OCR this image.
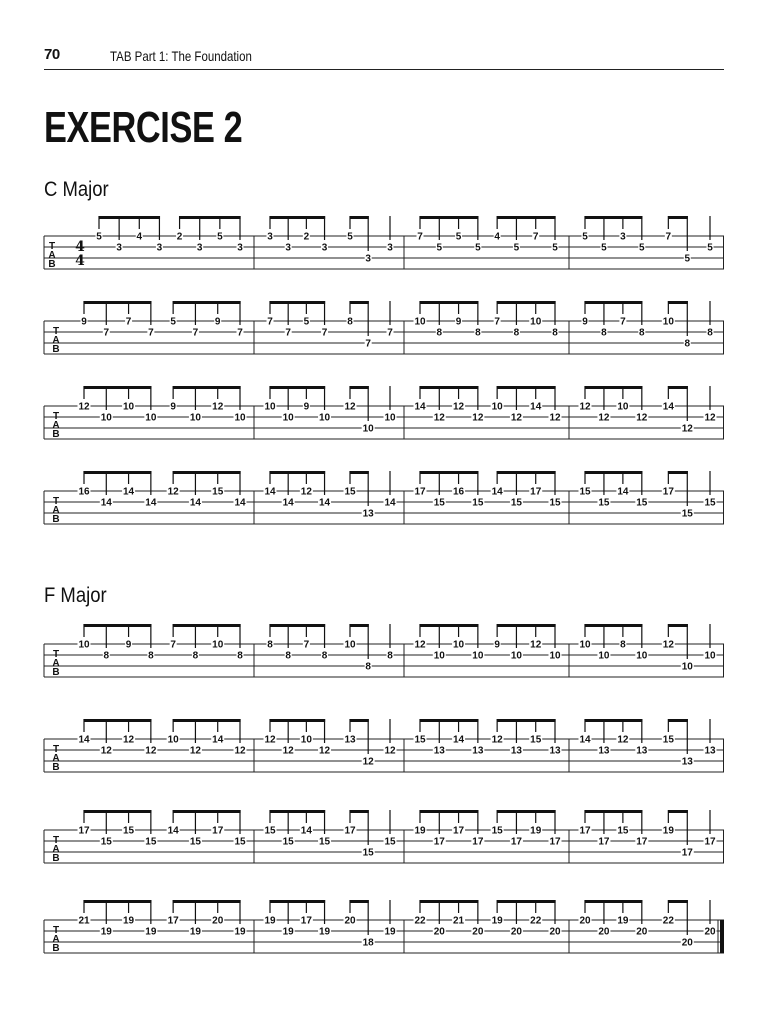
70	TAB Part 1: The Foundation
EXERCISE 2
C Major
T
A
B
4
4
5
3
4
3
2
3
5
3
3
3
2
3
5
3
3
7
5
5
5
4
5
7
5
5
5
3
5
7
5
5
T
A
B
9
7
7
7
5
7
9
7
7
7
5
7
8
7
7
10
8
9
8
7
8
10
8
9
8
7
8
10
8
8
T
A
B
12
10
10
10
9
10
12
10
10
10
9
10
12
10
10
14
12
12
12
10
12
14
12
12
12
10
12
14
12
12
T
A
B
16
14
14
14
12
14
15
14
14
14
12
14
15
13
14
17
15
16
15
14
15
17
15
15
15
14
15
17
15
15
F Major
T
A
B
10
8
9
8
7
8
10
8
8
8
7
8
10
8
8
12
10
10
10
9
10
12
10
10
10
8
10
12
10
10
T
A
B
14
12
12
12
10
12
14
12
12
12
10
12
13
12
12
15
13
14
13
12
13
15
13
14
13
12
13
15
13
13
T
A
B
17
15
15
15
14
15
17
15
15
15
14
15
17
15
15
19
17
17
17
15
17
19
17
17
17
15
17
19
17
17
T
A
B
21
19
19
19
17
19
20
19
19
19
17
19
20
18
19
22
20
21
20
19
20
22
20
20
20
19
20
22
20
20
